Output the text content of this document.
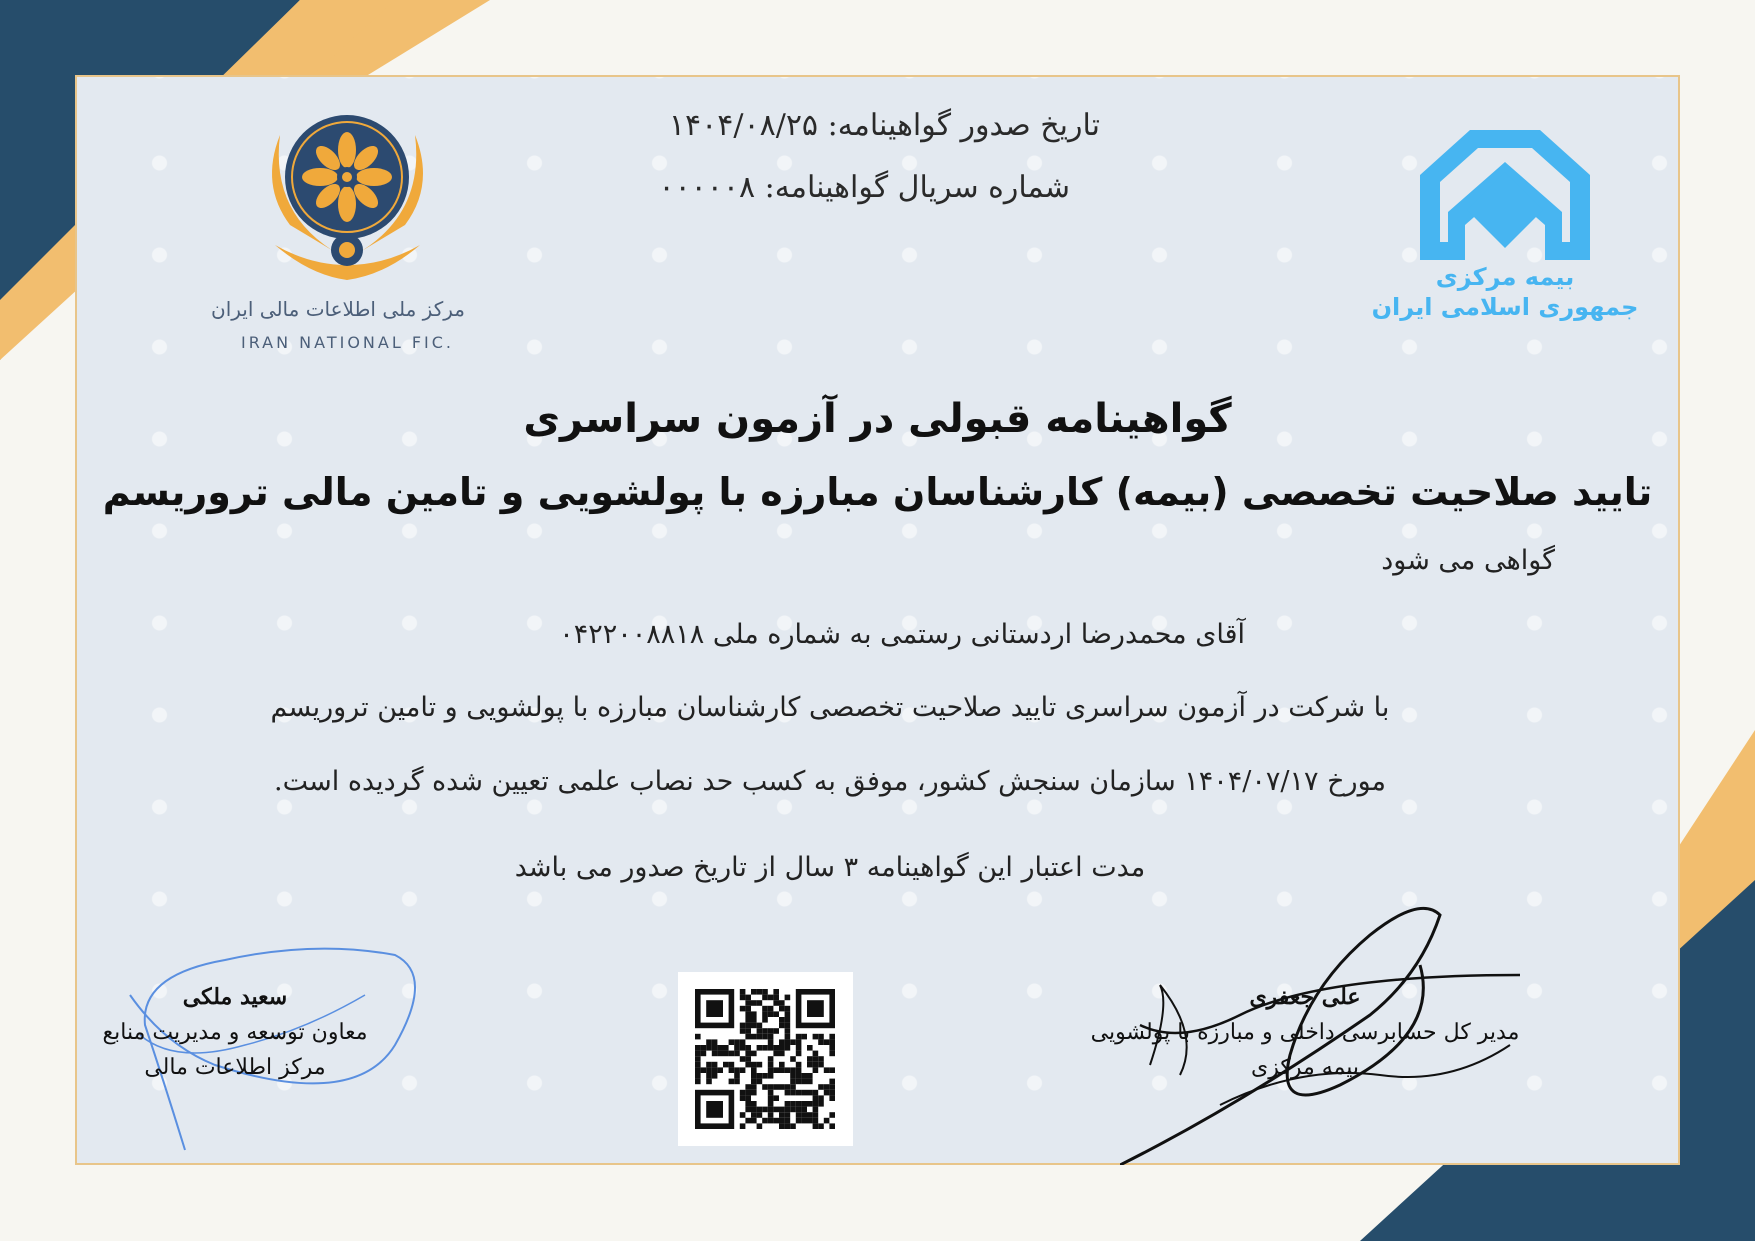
مرکز ملی اطلاعات مالی ایران
IRAN NATIONAL FIC.
بیمه مرکزی
جمهوری اسلامی ایران
تاریخ صدور گواهینامه: ۱۴۰۴/۰۸/۲۵
شماره سریال گواهینامه: ۰۰۰۰۰۸
گواهینامه قبولی در آزمون سراسری
تایید صلاحیت تخصصی (بیمه) کارشناسان مبارزه با پولشویی و تامین مالی تروریسم
گواهی می شود
آقای محمدرضا اردستانی رستمی به شماره ملی ۰۴۲۲۰۰۸۸۱۸
با شرکت در آزمون سراسری تایید صلاحیت تخصصی کارشناسان مبارزه با پولشویی و تامین تروریسم
مورخ ۱۴۰۴/۰۷/۱۷ سازمان سنجش کشور، موفق به کسب حد نصاب علمی تعیین شده گردیده است.
مدت اعتبار این گواهینامه ۳ سال از تاریخ صدور می باشد
سعید ملکی
معاون توسعه و مدیریت منابع
مرکز اطلاعات مالی
علی جعفری
مدیر کل حسابرسی داخلی و مبارزه با پولشویی
بیمه مرکزی
